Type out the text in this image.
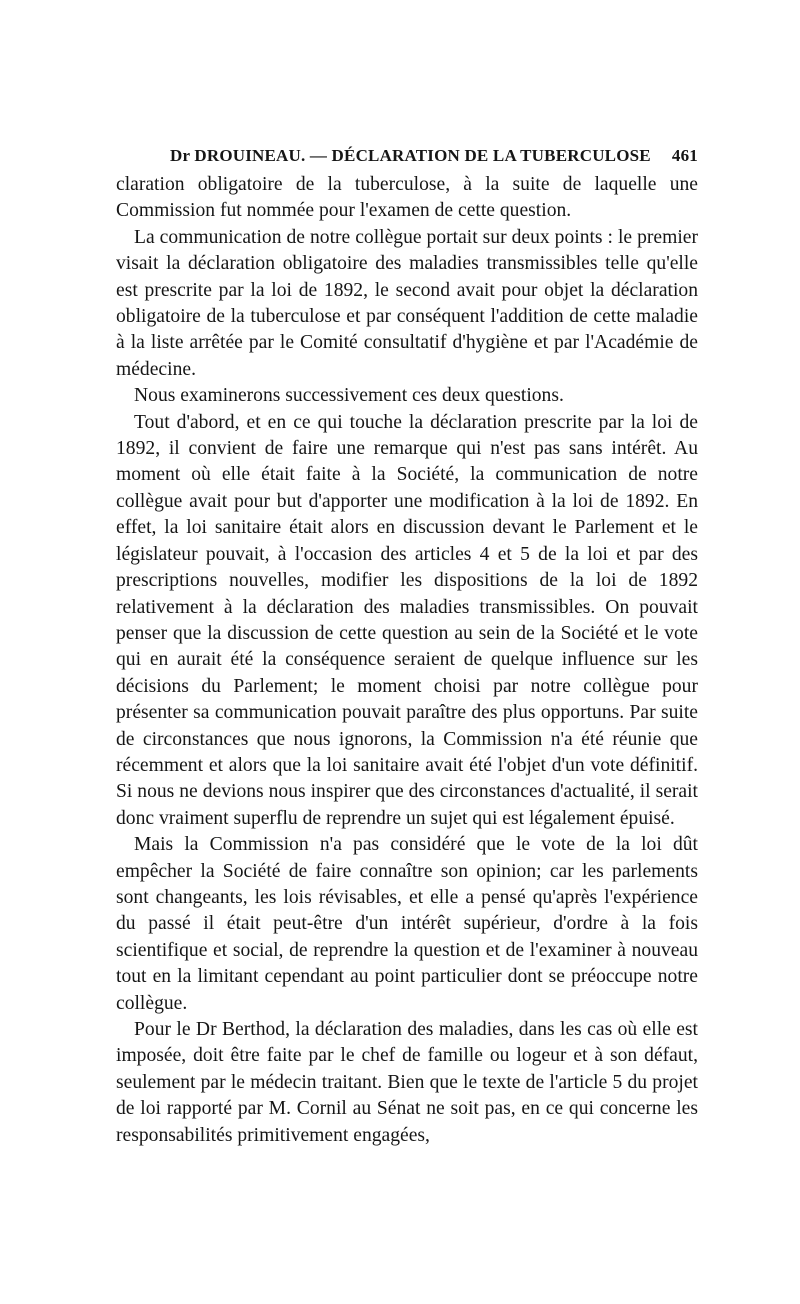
Dr DROUINEAU. — DÉCLARATION DE LA TUBERCULOSE 461

claration obligatoire de la tuberculose, à la suite de laquelle une Commission fut nommée pour l'examen de cette question.

La communication de notre collègue portait sur deux points : le premier visait la déclaration obligatoire des maladies transmissibles telle qu'elle est prescrite par la loi de 1892, le second avait pour objet la déclaration obligatoire de la tuberculose et par conséquent l'addition de cette maladie à la liste arrêtée par le Comité consultatif d'hygiène et par l'Académie de médecine.

Nous examinerons successivement ces deux questions.

Tout d'abord, et en ce qui touche la déclaration prescrite par la loi de 1892, il convient de faire une remarque qui n'est pas sans intérêt. Au moment où elle était faite à la Société, la communication de notre collègue avait pour but d'apporter une modification à la loi de 1892. En effet, la loi sanitaire était alors en discussion devant le Parlement et le législateur pouvait, à l'occasion des articles 4 et 5 de la loi et par des prescriptions nouvelles, modifier les dispositions de la loi de 1892 relativement à la déclaration des maladies transmissibles. On pouvait penser que la discussion de cette question au sein de la Société et le vote qui en aurait été la conséquence seraient de quelque influence sur les décisions du Parlement; le moment choisi par notre collègue pour présenter sa communication pouvait paraître des plus opportuns. Par suite de circonstances que nous ignorons, la Commission n'a été réunie que récemment et alors que la loi sanitaire avait été l'objet d'un vote définitif. Si nous ne devions nous inspirer que des circonstances d'actualité, il serait donc vraiment superflu de reprendre un sujet qui est légalement épuisé.

Mais la Commission n'a pas considéré que le vote de la loi dût empêcher la Société de faire connaître son opinion; car les parlements sont changeants, les lois révisables, et elle a pensé qu'après l'expérience du passé il était peut-être d'un intérêt supérieur, d'ordre à la fois scientifique et social, de reprendre la question et de l'examiner à nouveau tout en la limitant cependant au point particulier dont se préoccupe notre collègue.

Pour le Dr Berthod, la déclaration des maladies, dans les cas où elle est imposée, doit être faite par le chef de famille ou logeur et à son défaut, seulement par le médecin traitant. Bien que le texte de l'article 5 du projet de loi rapporté par M. Cornil au Sénat ne soit pas, en ce qui concerne les responsabilités primitivement engagées,
